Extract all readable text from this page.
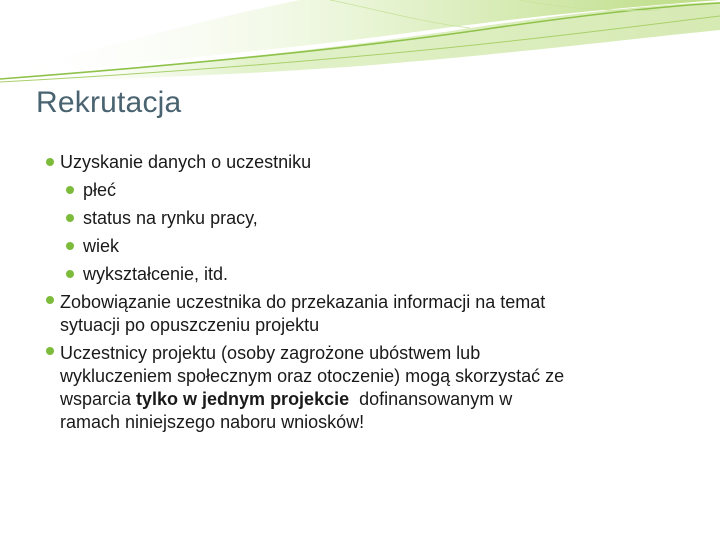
Rekrutacja

Uzyskanie danych o uczestniku

płeć

status na rynku pracy,

wiek

wykształcenie, itd.

Zobowiązanie uczestnika do przekazania informacji na temat
sytuacji po opuszczeniu projektu

Uczestnicy projektu (osoby zagrożone ubóstwem lub
wykluczeniem społecznym oraz otoczenie) mogą skorzystać ze
wsparcia tylko w jednym projekcie  dofinansowanym w
ramach niniejszego naboru wniosków!
